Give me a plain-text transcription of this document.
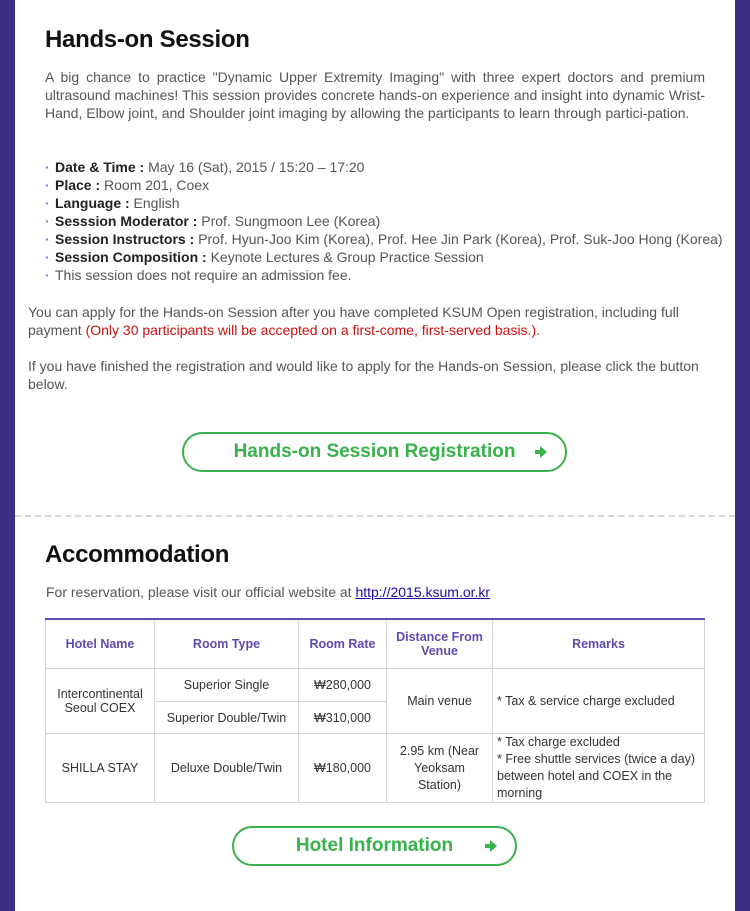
Hands-on Session
A big chance to practice "Dynamic Upper Extremity Imaging" with three expert doctors and premium ultrasound machines! This session provides concrete hands-on experience and insight into dynamic Wrist-Hand, Elbow joint, and Shoulder joint imaging by allowing the participants to learn through partici-pation.
· Date & Time : May 16 (Sat), 2015 / 15:20 – 17:20
· Place : Room 201, Coex
· Language : English
· Sesssion Moderator : Prof. Sungmoon Lee (Korea)
· Session Instructors : Prof. Hyun-Joo Kim (Korea), Prof. Hee Jin Park (Korea), Prof. Suk-Joo Hong (Korea)
· Session Composition : Keynote Lectures & Group Practice Session
· This session does not require an admission fee.
You can apply for the Hands-on Session after you have completed KSUM Open registration, including full payment (Only 30 participants will be accepted on a first-come, first-served basis.).
If you have finished the registration and would like to apply for the Hands-on Session, please click the button below.
Hands-on Session Registration
Accommodation
For reservation, please visit our official website at http://2015.ksum.or.kr
Hotel Name	Room Type	Room Rate	Distance From Venue	Remarks
Intercontinental Seoul COEX	Superior Single	₩280,000	Main venue	* Tax & service charge excluded

	Superior Double/Twin	₩310,000		
SHILLA STAY	Deluxe Double/Twin	₩180,000	2.95 km (Near Yeoksam Station)	* Tax charge excluded
* Free shuttle services (twice a day) between hotel and COEX in the morning
Hotel Information
